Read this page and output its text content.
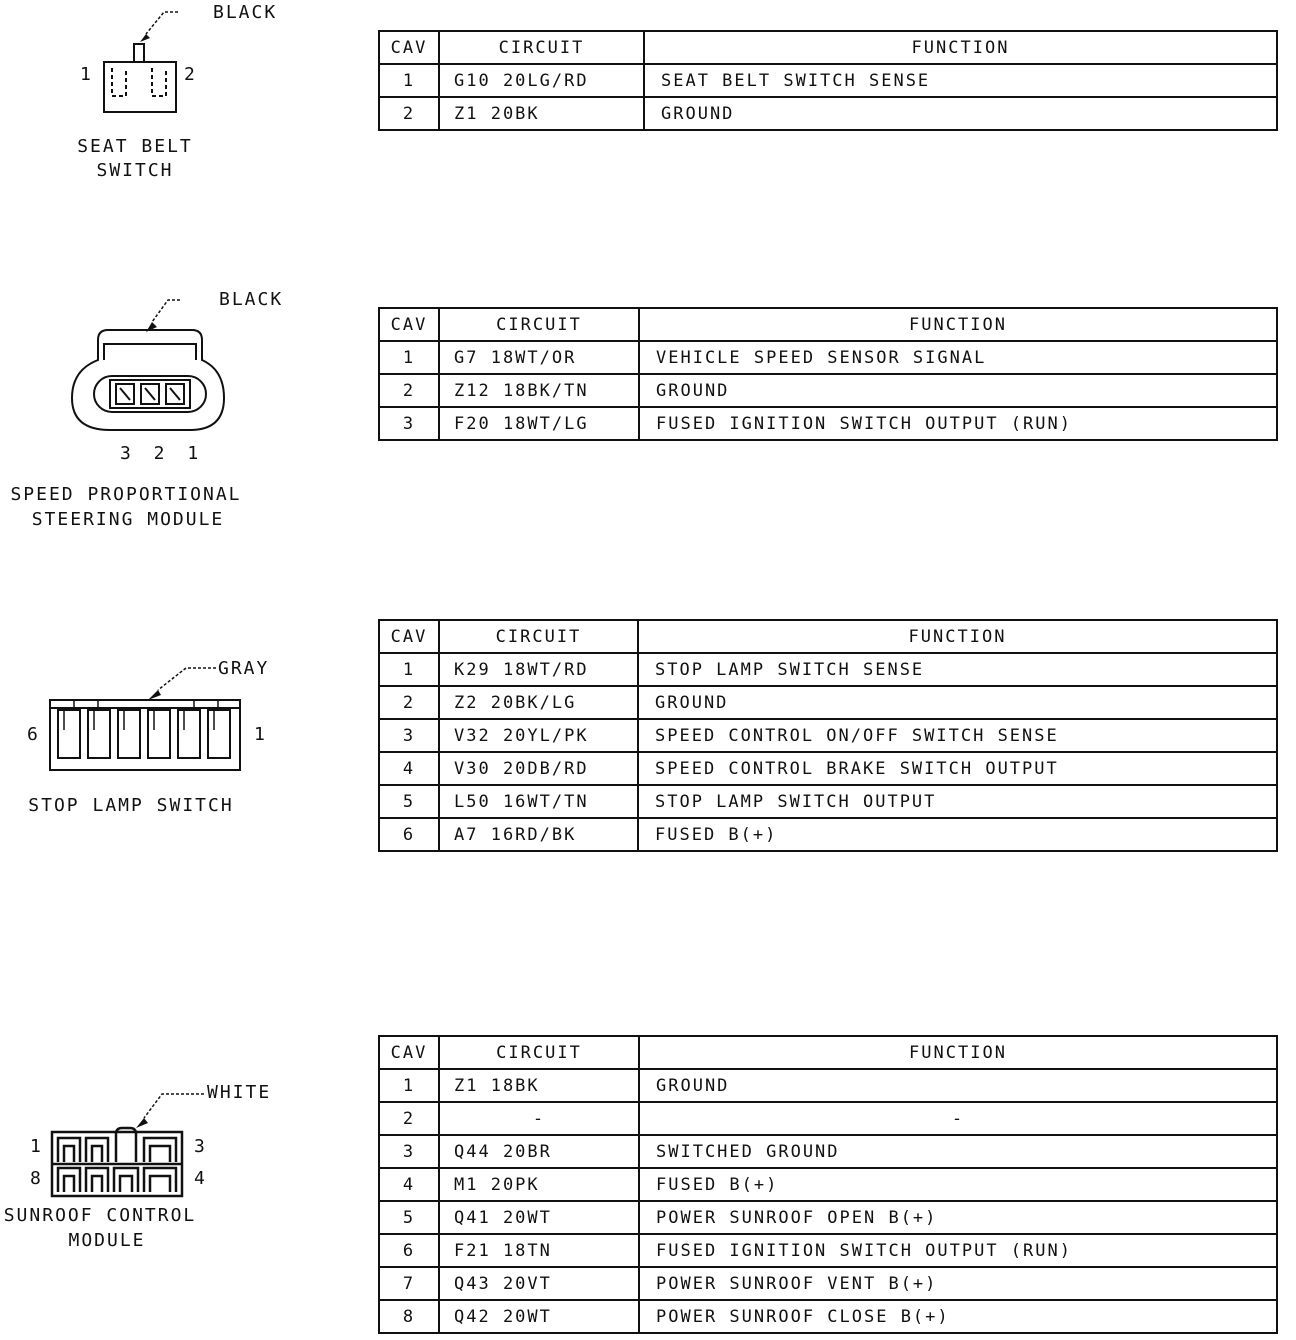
BLACK
1	2
SEAT BELT
SWITCH
CAV	CIRCUIT	FUNCTION
1	G10 20LG/RD	SEAT BELT SWITCH SENSE
2	Z1 20BK	GROUND
BLACK
3 2 1
SPEED PROPORTIONAL
STEERING MODULE
CAV	CIRCUIT	FUNCTION
1	G7 18WT/OR	VEHICLE SPEED SENSOR SIGNAL
2	Z12 18BK/TN	GROUND
3	F20 18WT/LG	FUSED IGNITION SWITCH OUTPUT (RUN)
GRAY
6	1
STOP LAMP SWITCH
CAV	CIRCUIT	FUNCTION
1	K29 18WT/RD	STOP LAMP SWITCH SENSE
2	Z2 20BK/LG	GROUND
3	V32 20YL/PK	SPEED CONTROL ON/OFF SWITCH SENSE
4	V30 20DB/RD	SPEED CONTROL BRAKE SWITCH OUTPUT
5	L50 16WT/TN	STOP LAMP SWITCH OUTPUT
6	A7 16RD/BK	FUSED B(+)
WHITE
1	3
8	4
SUNROOF CONTROL
MODULE
CAV	CIRCUIT	FUNCTION
1	Z1 18BK	GROUND
2	-	-
3	Q44 20BR	SWITCHED GROUND
4	M1 20PK	FUSED B(+)
5	Q41 20WT	POWER SUNROOF OPEN B(+)
6	F21 18TN	FUSED IGNITION SWITCH OUTPUT (RUN)
7	Q43 20VT	POWER SUNROOF VENT B(+)
8	Q42 20WT	POWER SUNROOF CLOSE B(+)
